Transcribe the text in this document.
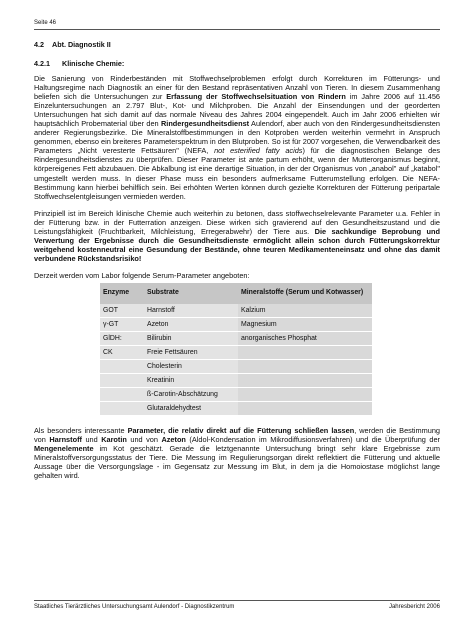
Seite 46
4.2 Abt. Diagnostik II
4.2.1 Klinische Chemie:

Die Sanierung von Rinderbeständen mit Stoffwechselproblemen erfolgt durch Korrekturen im Fütterungs- und Haltungsregime nach Diagnostik an einer für den Bestand repräsentativen Anzahl von Tieren. In diesem Zusammenhang beliefen sich die Untersuchungen zur Erfassung der Stoffwechselsituation von Rindern im Jahre 2006 auf 11.456 Einzeluntersuchungen an 2.797 Blut-, Kot- und Milchproben. Die Anzahl der Einsendungen und der georderten Untersuchungen hat sich damit auf das normale Niveau des Jahres 2004 eingependelt. Auch im Jahr 2006 erhielten wir hauptsächlich Probematerial über den Rindergesundheitsdienst Aulendorf, aber auch von den Rindergesundheitsdiensten anderer Regierungsbezirke. Die Mineralstoffbestimmungen in den Kotproben werden weiterhin vermehrt in Anspruch genommen, ebenso ein breiteres Parameterspektrum in den Blutproben. So ist für 2007 vorgesehen, die Verwendbarkeit des Parameters „Nicht veresterte Fettsäuren" (NEFA, not esterified fatty acids) für die diagnostischen Belange des Rindergesundheitsdienstes zu überprüfen. Dieser Parameter ist ante partum erhöht, wenn der Mutterorganismus beginnt, körpereigenes Fett abzubauen. Die Abkalbung ist eine derartige Situation, in der der Organismus von „anabol" auf „katabol" umgestellt werden muss. In dieser Phase muss ein besonders aufmerksame Futterumstellung erfolgen. Die NEFA-Bestimmung kann hierbei behilflich sein. Bei erhöhten Werten können durch gezielte Korrekturen der Fütterung peripartale Stoffwechselentgleisungen vermieden werden.

Prinzipiell ist im Bereich klinische Chemie auch weiterhin zu betonen, dass stoffwechselrelevante Parameter u.a. Fehler in der Fütterung bzw. in der Futterration anzeigen. Diese wirken sich gravierend auf den Gesundheitszustand und die Leistungsfähigkeit (Fruchtbarkeit, Milchleistung, Erregerabwehr) der Tiere aus. Die sachkundige Beprobung und Verwertung der Ergebnisse durch die Gesundheitsdienste ermöglicht allein schon durch Fütterungskorrektur weitgehend kostenneutral eine Gesundung der Bestände, ohne teuren Medikamenteneinsatz und ohne das damit verbundene Rückstandsrisiko!

Derzeit werden vom Labor folgende Serum-Parameter angeboten:

Enzyme	Substrate	Mineralstoffe (Serum und Kotwasser)
GOT	Harnstoff	Kalzium
γ-GT	Azeton	Magnesium
GlDH:	Bilirubin	anorganisches Phosphat
CK	Freie Fettsäuren	
	Cholesterin	
	Kreatinin	
	ß-Carotin-Abschätzung	
	Glutaraldehydtest	

Als besonders interessante Parameter, die relativ direkt auf die Fütterung schließen lassen, werden die Bestimmung von Harnstoff und Karotin und von Azeton (Aldol-Kondensation im Mikrodiffusionsverfahren) und die Überprüfung der Mengenelemente im Kot geschätzt. Gerade die letztgenannte Untersuchung bringt sehr klare Ergebnisse zum Mineralstoffversorgungsstatus der Tiere. Die Messung im Regulierungsorgan direkt reflektiert die Fütterung und aktuelle Aussage über die Versorgungslage - im Gegensatz zur Messung im Blut, in dem ja die Homoiostase möglichst lange gehalten wird.

Staatliches Tierärztliches Untersuchungsamt Aulendorf - Diagnostikzentrum	Jahresbericht 2006
